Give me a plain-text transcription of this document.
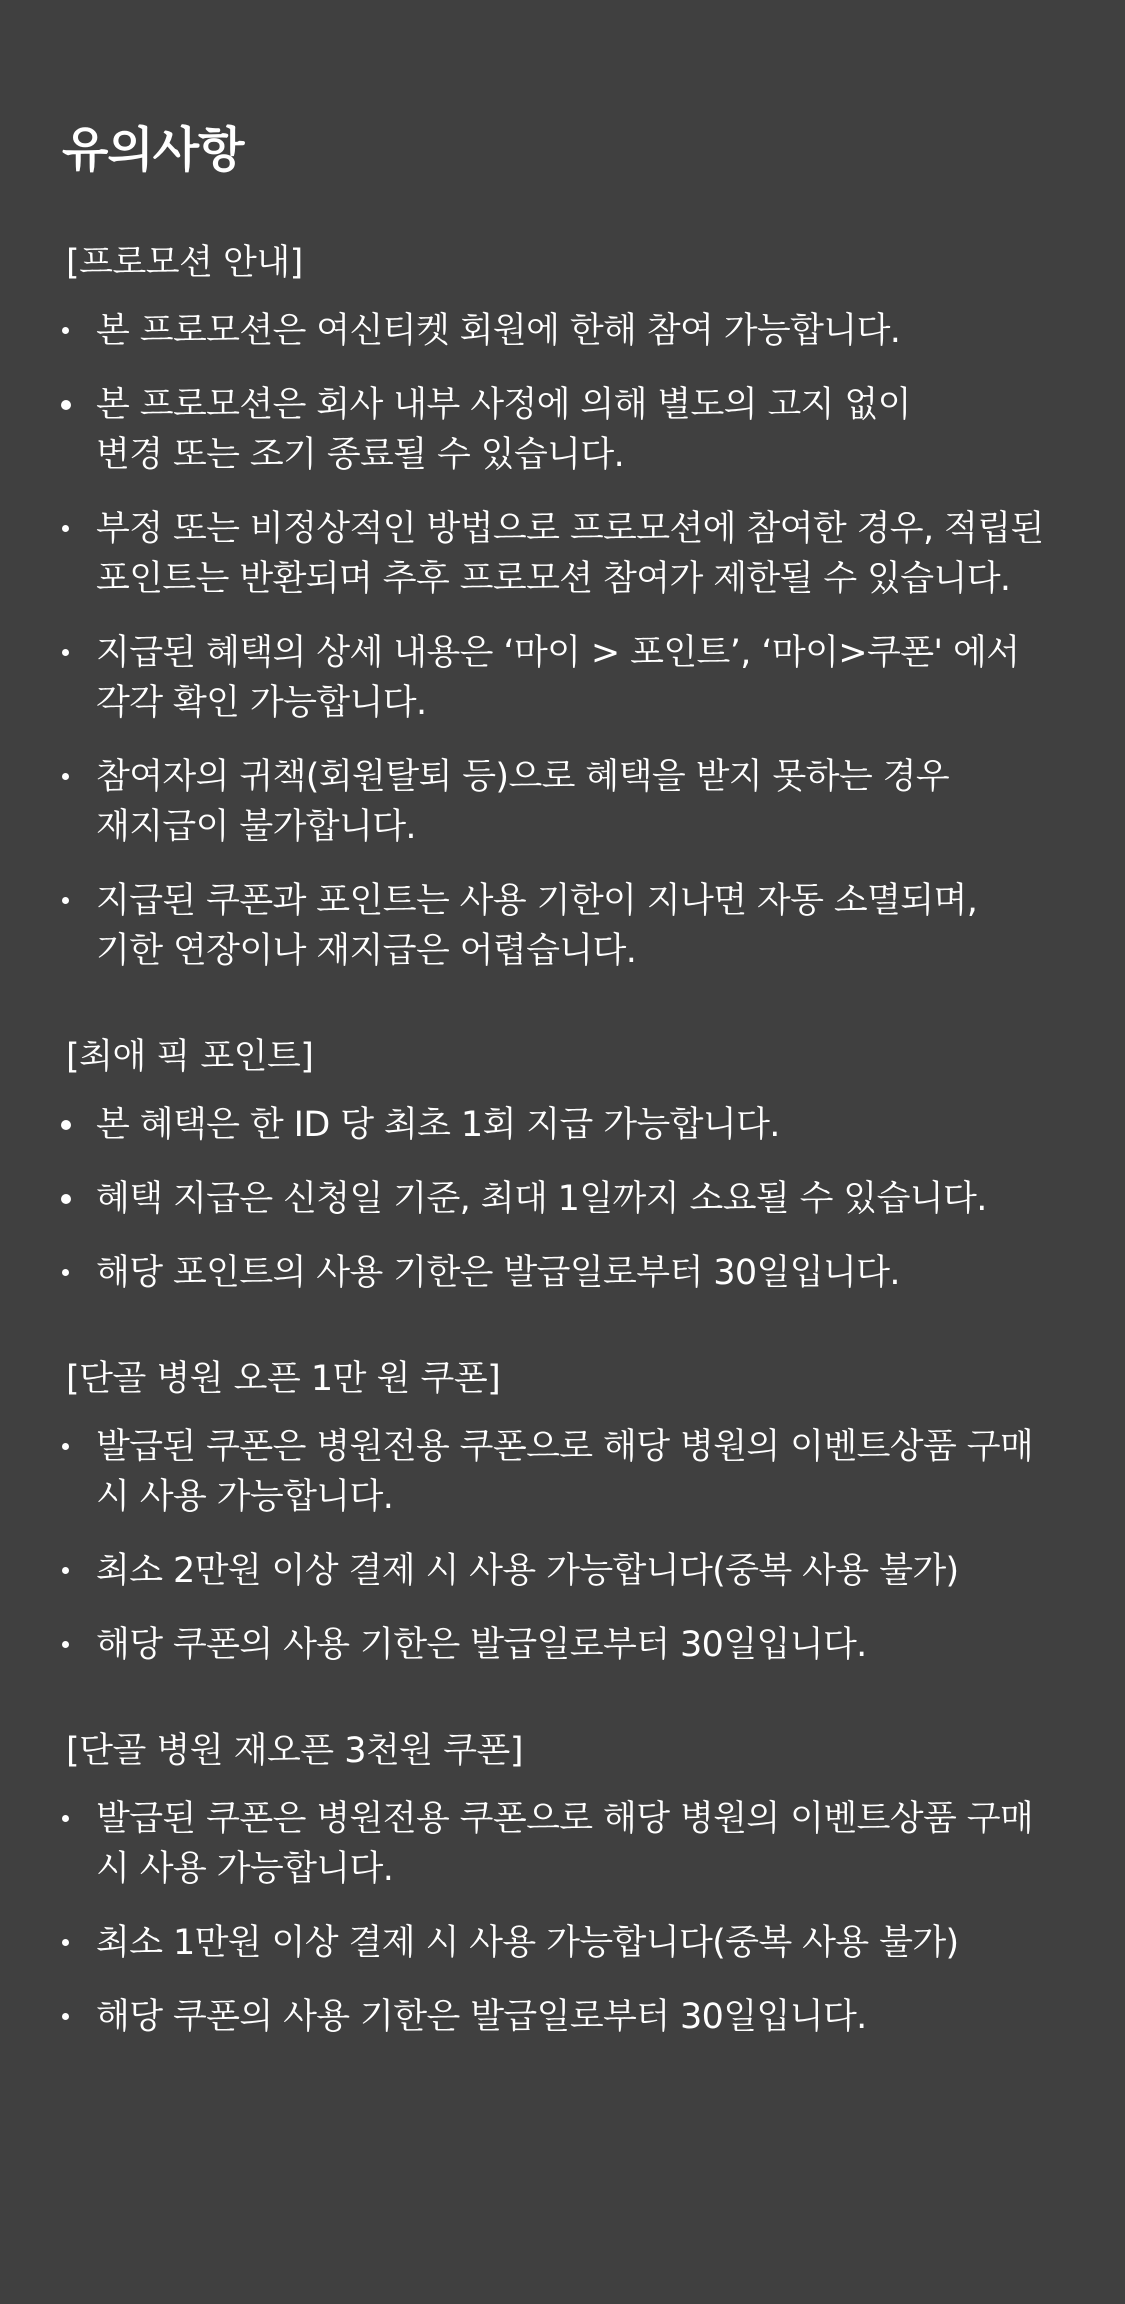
유의사항
[프로모션 안내]
본 프로모션은 여신티켓 회원에 한해 참여 가능합니다.
본 프로모션은 회사 내부 사정에 의해 별도의 고지 없이
변경 또는 조기 종료될 수 있습니다.
부정 또는 비정상적인 방법으로 프로모션에 참여한 경우, 적립된
포인트는 반환되며 추후 프로모션 참여가 제한될 수 있습니다.
지급된 혜택의 상세 내용은 ‘마이 > 포인트’, ‘마이>쿠폰' 에서
각각 확인 가능합니다.
참여자의 귀책(회원탈퇴 등)으로 혜택을 받지 못하는 경우
재지급이 불가합니다.
지급된 쿠폰과 포인트는 사용 기한이 지나면 자동 소멸되며,
기한 연장이나 재지급은 어렵습니다.
[최애 픽 포인트]
본 혜택은 한 ID 당 최초 1회 지급 가능합니다.
혜택 지급은 신청일 기준, 최대 1일까지 소요될 수 있습니다.
해당 포인트의 사용 기한은 발급일로부터 30일입니다.
[단골 병원 오픈 1만 원 쿠폰]
발급된 쿠폰은 병원전용 쿠폰으로 해당 병원의 이벤트상품 구매
시 사용 가능합니다.
최소 2만원 이상 결제 시 사용 가능합니다(중복 사용 불가)
해당 쿠폰의 사용 기한은 발급일로부터 30일입니다.
[단골 병원 재오픈 3천원 쿠폰]
발급된 쿠폰은 병원전용 쿠폰으로 해당 병원의 이벤트상품 구매
시 사용 가능합니다.
최소 1만원 이상 결제 시 사용 가능합니다(중복 사용 불가)
해당 쿠폰의 사용 기한은 발급일로부터 30일입니다.
